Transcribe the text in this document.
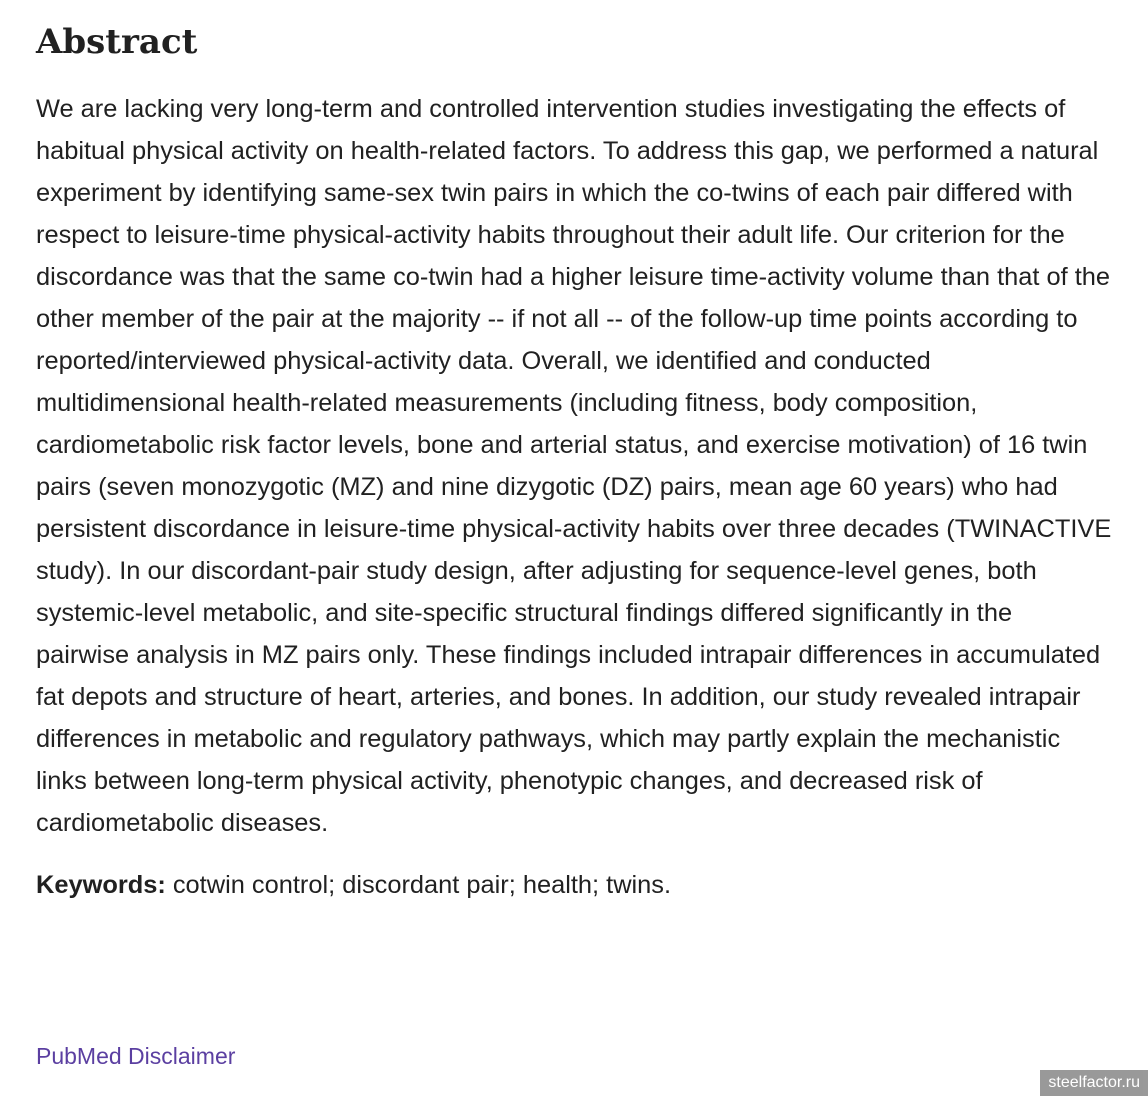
Abstract

We are lacking very long-term and controlled intervention studies investigating the effects of habitual physical activity on health-related factors. To address this gap, we performed a natural experiment by identifying same-sex twin pairs in which the co-twins of each pair differed with respect to leisure-time physical-activity habits throughout their adult life. Our criterion for the discordance was that the same co-twin had a higher leisure time-activity volume than that of the other member of the pair at the majority -- if not all -- of the follow-up time points according to reported/interviewed physical-activity data. Overall, we identified and conducted multidimensional health-related measurements (including fitness, body composition, cardiometabolic risk factor levels, bone and arterial status, and exercise motivation) of 16 twin pairs (seven monozygotic (MZ) and nine dizygotic (DZ) pairs, mean age 60 years) who had persistent discordance in leisure-time physical-activity habits over three decades (TWINACTIVE study). In our discordant-pair study design, after adjusting for sequence-level genes, both systemic-level metabolic, and site-specific structural findings differed significantly in the pairwise analysis in MZ pairs only. These findings included intrapair differences in accumulated fat depots and structure of heart, arteries, and bones. In addition, our study revealed intrapair differences in metabolic and regulatory pathways, which may partly explain the mechanistic links between long-term physical activity, phenotypic changes, and decreased risk of cardiometabolic diseases.

Keywords: cotwin control; discordant pair; health; twins.

PubMed Disclaimer
steelfactor.ru
